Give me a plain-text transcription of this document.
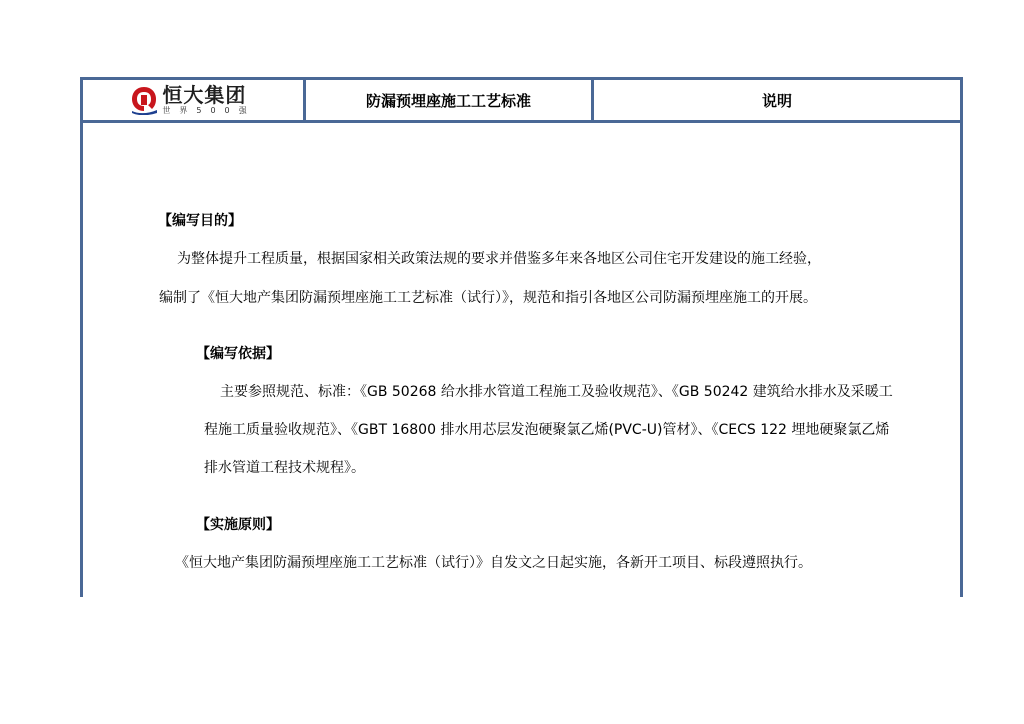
恒大集团
世界500强
防漏预埋座施工工艺标准	说明
【编写目的】
为整体提升工程质量，根据国家相关政策法规的要求并借鉴多年来各地区公司住宅开发建设的施工经验，
编制了《恒大地产集团防漏预埋座施工工艺标准（试行）》，规范和指引各地区公司防漏预埋座施工的开展。
【编写依据】
主要参照规范、标准：《GB 50268 给水排水管道工程施工及验收规范》、《GB 50242 建筑给水排水及采暖工
程施工质量验收规范》、《GBT 16800 排水用芯层发泡硬聚氯乙烯(PVC-U)管材》、《CECS 122 埋地硬聚氯乙烯
排水管道工程技术规程》。
【实施原则】
《恒大地产集团防漏预埋座施工工艺标准（试行）》自发文之日起实施，各新开工项目、标段遵照执行。
